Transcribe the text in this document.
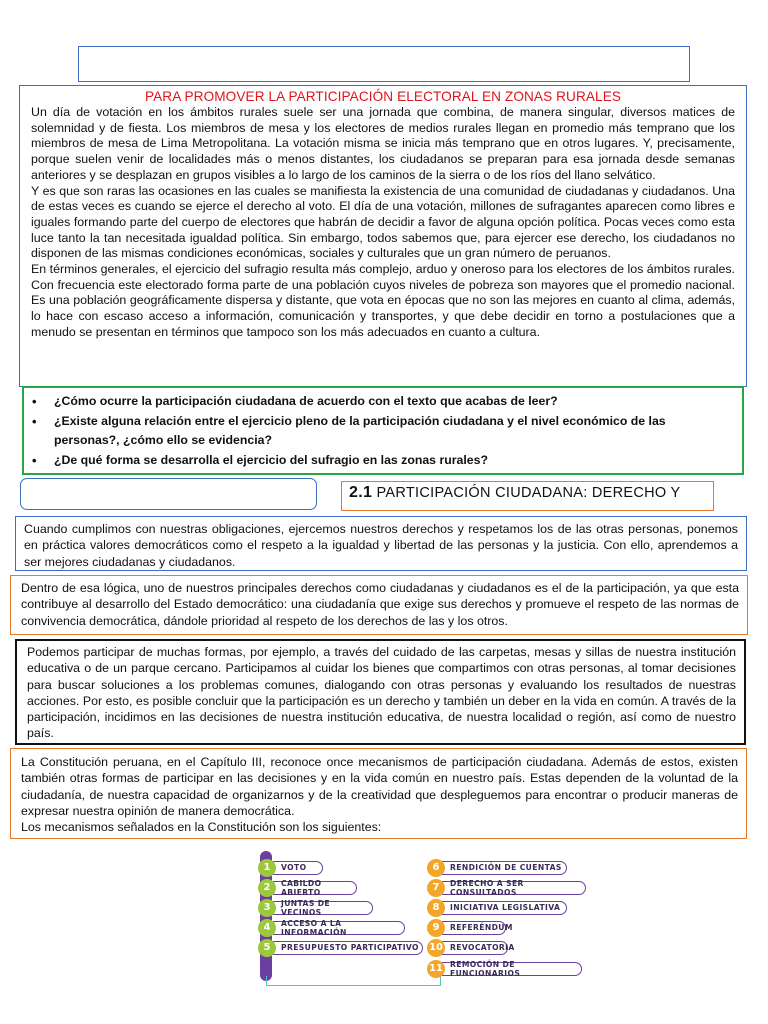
PARA PROMOVER LA PARTICIPACIÓN ELECTORAL EN ZONAS RURALES

Un día de votación en los ámbitos rurales suele ser una jornada que combina, de manera singular, diversos matices de solemnidad y de fiesta. Los miembros de mesa y los electores de medios rurales llegan en promedio más temprano que los miembros de mesa de Lima Metropolitana. La votación misma se inicia más temprano que en otros lugares. Y, precisamente, porque suelen venir de localidades más o menos distantes, los ciudadanos se preparan para esa jornada desde semanas anteriores y se desplazan en grupos visibles a lo largo de los caminos de la sierra o de los ríos del llano selvático.

Y es que son raras las ocasiones en las cuales se manifiesta la existencia de una comunidad de ciudadanas y ciudadanos. Una de estas veces es cuando se ejerce el derecho al voto. El día de una votación, millones de sufragantes aparecen como libres e iguales formando parte del cuerpo de electores que habrán de decidir a favor de alguna opción política. Pocas veces como esta luce tanto la tan necesitada igualdad política. Sin embargo, todos sabemos que, para ejercer ese derecho, los ciudadanos no disponen de las mismas condiciones económicas, sociales y culturales que un gran número de peruanos.

En términos generales, el ejercicio del sufragio resulta más complejo, arduo y oneroso para los electores de los ámbitos rurales. Con frecuencia este electorado forma parte de una población cuyos niveles de pobreza son mayores que el promedio nacional. Es una población geográficamente dispersa y distante, que vota en épocas que no son las mejores en cuanto al clima, además, lo hace con escaso acceso a información, comunicación y transportes, y que debe decidir en torno a postulaciones que a menudo se presentan en términos que tampoco son los más adecuados en cuanto a cultura.

• ¿Cómo ocurre la participación ciudadana de acuerdo con el texto que acabas de leer?
• ¿Existe alguna relación entre el ejercicio pleno de la participación ciudadana y el nivel económico de las personas?, ¿cómo ello se evidencia?
• ¿De qué forma se desarrolla el ejercicio del sufragio en las zonas rurales?
2.1 PARTICIPACIÓN CIUDADANA: DERECHO Y
Cuando cumplimos con nuestras obligaciones, ejercemos nuestros derechos y respetamos los de las otras personas, ponemos en práctica valores democráticos como el respeto a la igualdad y libertad de las personas y la justicia. Con ello, aprendemos a ser mejores ciudadanas y ciudadanos.
Dentro de esa lógica, uno de nuestros principales derechos como ciudadanas y ciudadanos es el de la participación, ya que esta contribuye al desarrollo del Estado democrático: una ciudadanía que exige sus derechos y promueve el respeto de las normas de convivencia democrática, dándole prioridad al respeto de los derechos de las y los otros.
Podemos participar de muchas formas, por ejemplo, a través del cuidado de las carpetas, mesas y sillas de nuestra institución educativa o de un parque cercano. Participamos al cuidar los bienes que compartimos con otras personas, al tomar decisiones para buscar soluciones a los problemas comunes, dialogando con otras personas y evaluando los resultados de nuestras acciones. Por esto, es posible concluir que la participación es un derecho y también un deber en la vida en común. A través de la participación, incidimos en las decisiones de nuestra institución educativa, de nuestra localidad o región, así como de nuestro país.
La Constitución peruana, en el Capítulo III, reconoce once mecanismos de participación ciudadana. Además de estos, existen también otras formas de participar en las decisiones y en la vida común en nuestro país. Estas dependen de la voluntad de la ciudadanía, de nuestra capacidad de organizarnos y de la creatividad que despleguemos para encontrar o producir maneras de expresar nuestra opinión de manera democrática.
Los mecanismos señalados en la Constitución son los siguientes:
1	VOTO
2	CABILDO ABIERTO
3	JUNTAS DE VECINOS
4	ACCESO A LA INFORMACIÓN
5	PRESUPUESTO PARTICIPATIVO
6	RENDICIÓN DE CUENTAS
7	DERECHO A SER CONSULTADOS
8	INICIATIVA LEGISLATIVA
9	REFERÉNDUM
10 REVOCATORIA
11 REMOCIÓN DE FUNCIONARIOS
